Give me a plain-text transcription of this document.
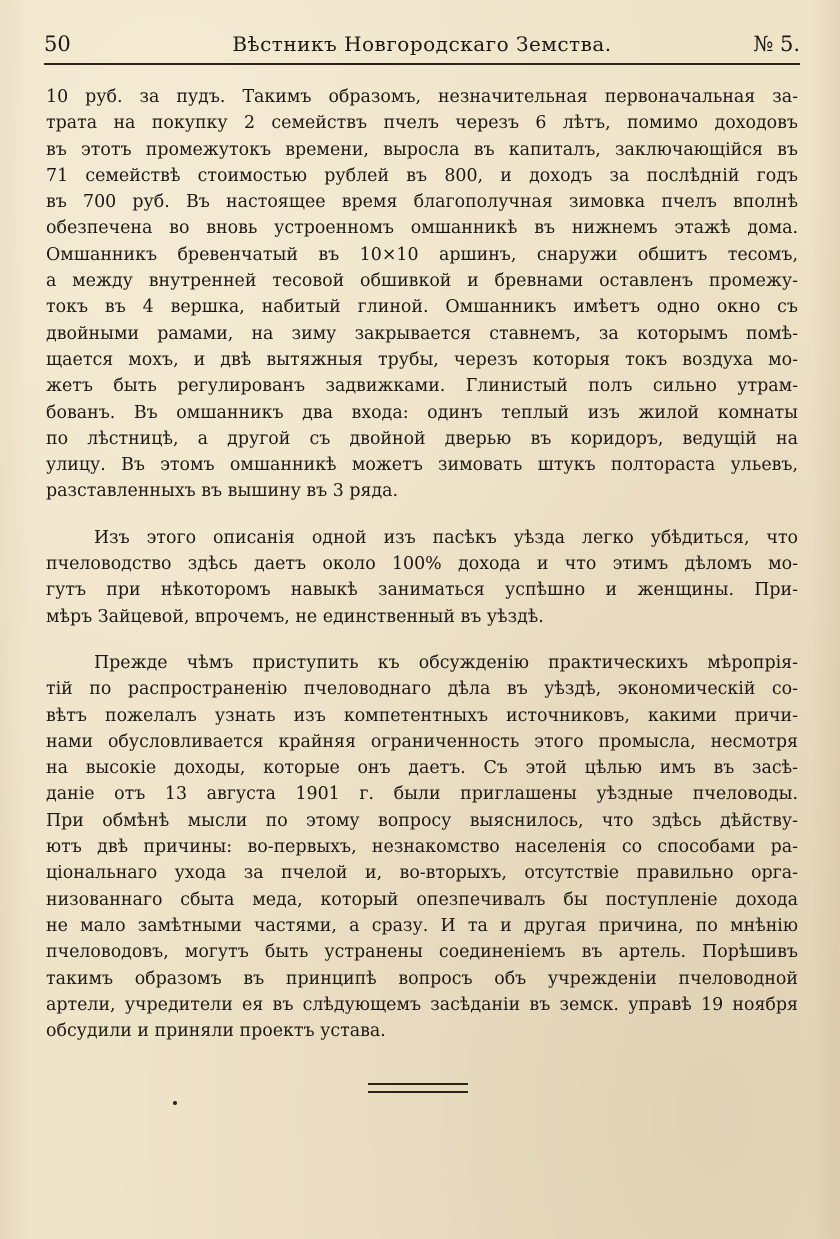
50	Вѣстникъ Новгородскаго Земства.	№ 5.
10 руб. за пудъ. Такимъ образомъ, незначительная первоначальная за-
трата на покупку 2 семействъ пчелъ черезъ 6 лѣтъ, помимо доходовъ
въ этотъ промежутокъ времени, выросла въ капиталъ, заключающійся въ
71 семействѣ стоимостью рублей въ 800, и доходъ за послѣдній годъ
въ 700 руб. Въ настоящее время благополучная зимовка пчелъ вполнѣ
обезпечена во вновь устроенномъ омшанникѣ въ нижнемъ этажѣ дома.
Омшанникъ бревенчатый въ 10×10 аршинъ, снаружи обшитъ тесомъ,
а между внутренней тесовой обшивкой и бревнами оставленъ промежу-
токъ въ 4 вершка, набитый глиной. Омшанникъ имѣетъ одно окно съ
двойными рамами, на зиму закрывается ставнемъ, за которымъ помѣ-
щается мохъ, и двѣ вытяжныя трубы, черезъ которыя токъ воздуха мо-
жетъ быть регулированъ задвижками. Глинистый полъ сильно утрам-
бованъ. Въ омшанникъ два входа: одинъ теплый изъ жилой комнаты
по лѣстницѣ, а другой съ двойной дверью въ коридоръ, ведущій на
улицу. Въ этомъ омшанникѣ можетъ зимовать штукъ полтораста ульевъ,
разставленныхъ въ вышину въ 3 ряда.
Изъ этого описанія одной изъ пасѣкъ уѣзда легко убѣдиться, что
пчеловодство здѣсь даетъ около 100% дохода и что этимъ дѣломъ мо-
гутъ при нѣкоторомъ навыкѣ заниматься успѣшно и женщины. При-
мѣръ Зайцевой, впрочемъ, не единственный въ уѣздѣ.
Прежде чѣмъ приступить къ обсужденію практическихъ мѣропрія-
тій по распространенію пчеловоднаго дѣла въ уѣздѣ, экономическій со-
вѣтъ пожелалъ узнать изъ компетентныхъ источниковъ, какими причи-
нами обусловливается крайняя ограниченность этого промысла, несмотря
на высокіе доходы, которые онъ даетъ. Съ этой цѣлью имъ въ засѣ-
даніе отъ 13 августа 1901 г. были приглашены уѣздные пчеловоды.
При обмѣнѣ мысли по этому вопросу выяснилось, что здѣсь дѣйству-
ютъ двѣ причины: во-первыхъ, незнакомство населенія со способами ра-
ціональнаго ухода за пчелой и, во-вторыхъ, отсутствіе правильно орга-
низованнаго сбыта меда, который опезпечивалъ бы поступленіе дохода
не мало замѣтными частями, а сразу. И та и другая причина, по мнѣнію
пчеловодовъ, могутъ быть устранены соединеніемъ въ артель. Порѣшивъ
такимъ образомъ въ принципѣ вопросъ объ учрежденіи пчеловодной
артели, учредители ея въ слѣдующемъ засѣданіи въ земск. управѣ 19 ноября
обсудили и приняли проектъ устава.
